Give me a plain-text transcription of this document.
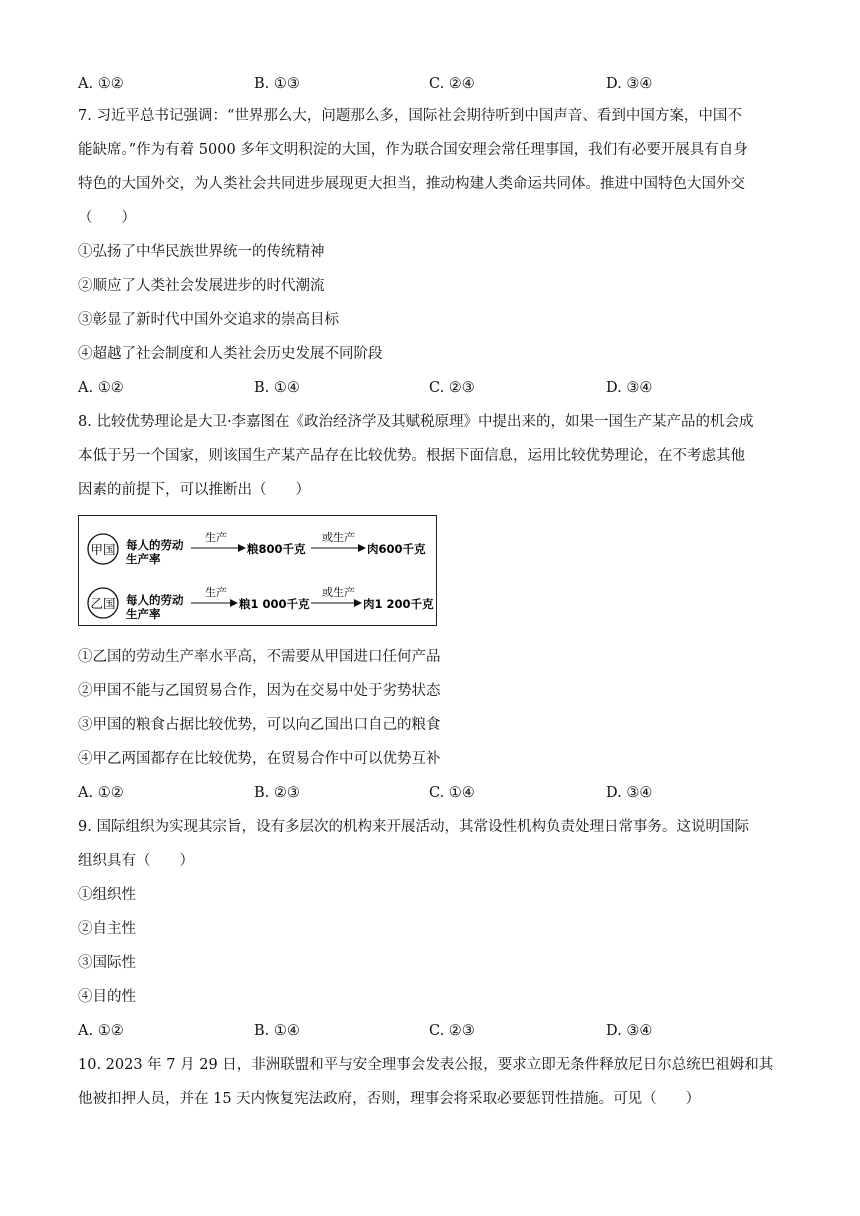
A. ①②	B. ①③	C. ②④	D. ③④
7. 习近平总书记强调：“世界那么大，问题那么多，国际社会期待听到中国声音、看到中国方案，中国不
能缺席。”作为有着 5000 多年文明积淀的大国，作为联合国安理会常任理事国，我们有必要开展具有自身
特色的大国外交，为人类社会共同进步展现更大担当，推动构建人类命运共同体。推进中国特色大国外交
（　　）
①弘扬了中华民族世界统一的传统精神
②顺应了人类社会发展进步的时代潮流
③彰显了新时代中国外交追求的崇高目标
④超越了社会制度和人类社会历史发展不同阶段
A. ①②	B. ①④	C. ②③	D. ③④
8. 比较优势理论是大卫·李嘉图在《政治经济学及其赋税原理》中提出来的，如果一国生产某产品的机会成
本低于另一个国家，则该国生产某产品存在比较优势。根据下面信息，运用比较优势理论，在不考虑其他
因素的前提下，可以推断出（　　）
甲国 每人的劳动
生产率
生产
粮800千克
或生产
肉600千克
乙国 每人的劳动
生产率
生产
粮1 000千克
或生产
肉1 200千克
①乙国的劳动生产率水平高，不需要从甲国进口任何产品
②甲国不能与乙国贸易合作，因为在交易中处于劣势状态
③甲国的粮食占据比较优势，可以向乙国出口自己的粮食
④甲乙两国都存在比较优势，在贸易合作中可以优势互补
A. ①②	B. ②③	C. ①④	D. ③④
9. 国际组织为实现其宗旨，设有多层次的机构来开展活动，其常设性机构负责处理日常事务。这说明国际
组织具有（　　）
①组织性
②自主性
③国际性
④目的性
A. ①②	B. ①④	C. ②③	D. ③④
10. 2023 年 7 月 29 日，非洲联盟和平与安全理事会发表公报，要求立即无条件释放尼日尔总统巴祖姆和其
他被扣押人员，并在 15 天内恢复宪法政府，否则，理事会将采取必要惩罚性措施。可见（　　）
